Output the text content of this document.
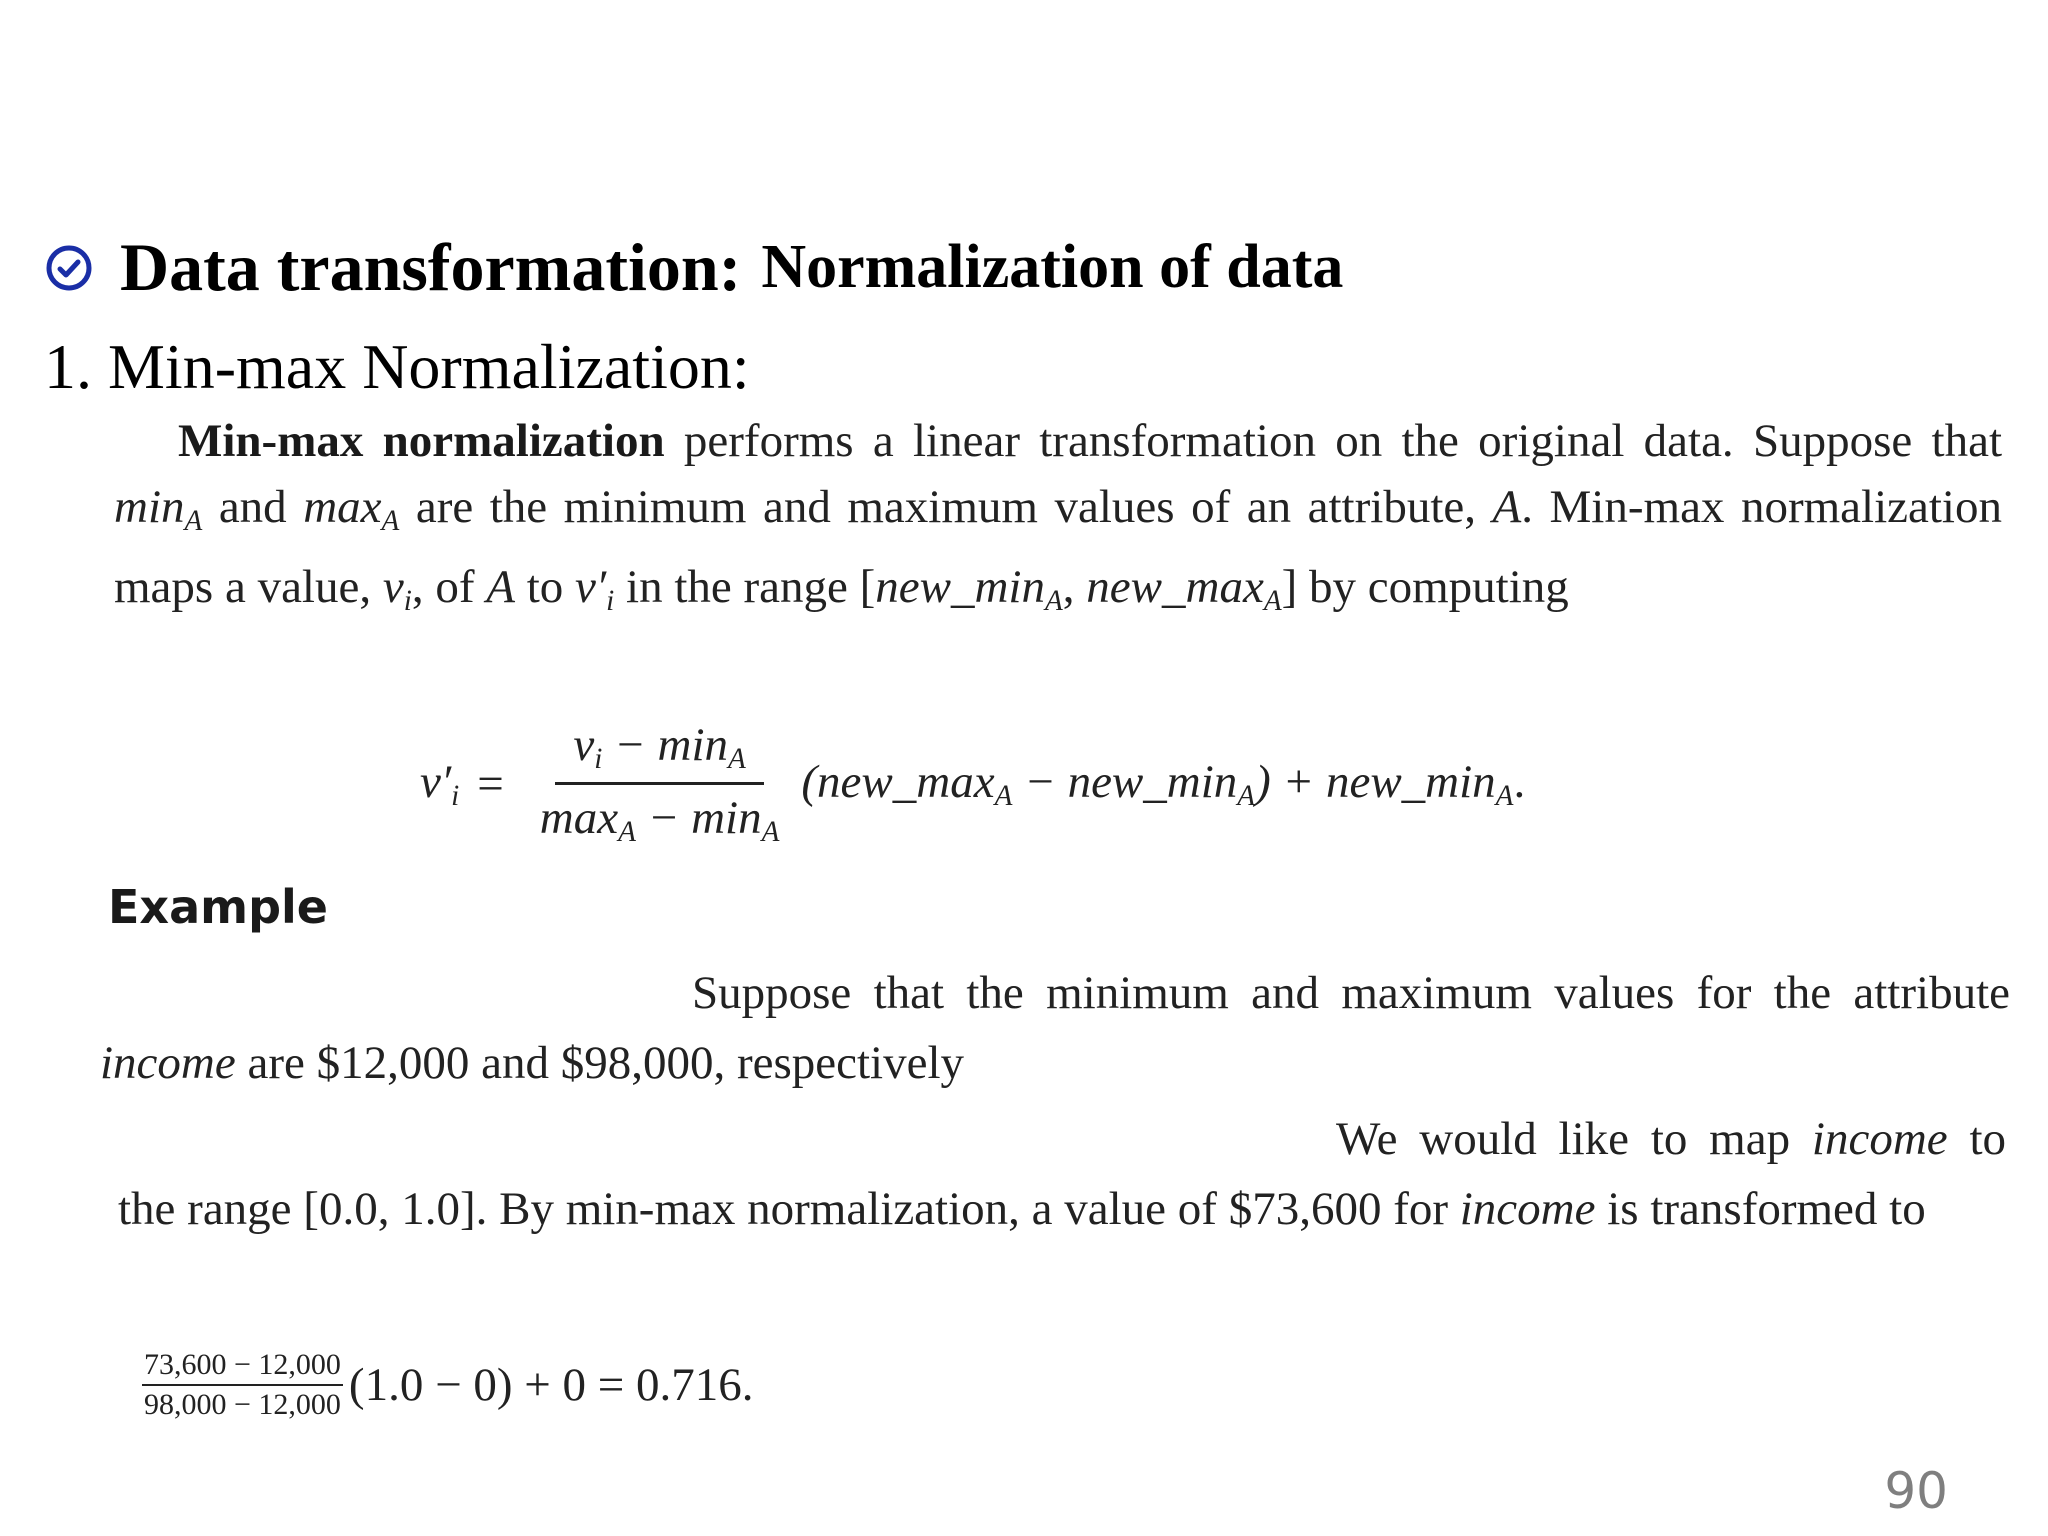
Data transformation: Normalization of data
1. Min-max Normalization:
Min-max normalization performs a linear transformation on the original data. Suppose that minA and maxA are the minimum and maximum values of an attribute, A. Min-max normalization maps a value, vi, of A to v′i in the range [new_minA, new_maxA] by computing
$v'i = \frac{vi - \min A}{\max A - \min A}$ (new_maxA − new_minA) + new_minA.
Example
Suppose that the minimum and maximum values for the attribute income are $12,000 and $98,000, respectively
We would like to map income to the range [0.0, 1.0]. By min-max normalization, a value of $73,600 for income is transformed to
$\frac{73,600 - 12,000}{98,000 - 12,000} (1.0 - 0) + 0 = 0.716$.
90
